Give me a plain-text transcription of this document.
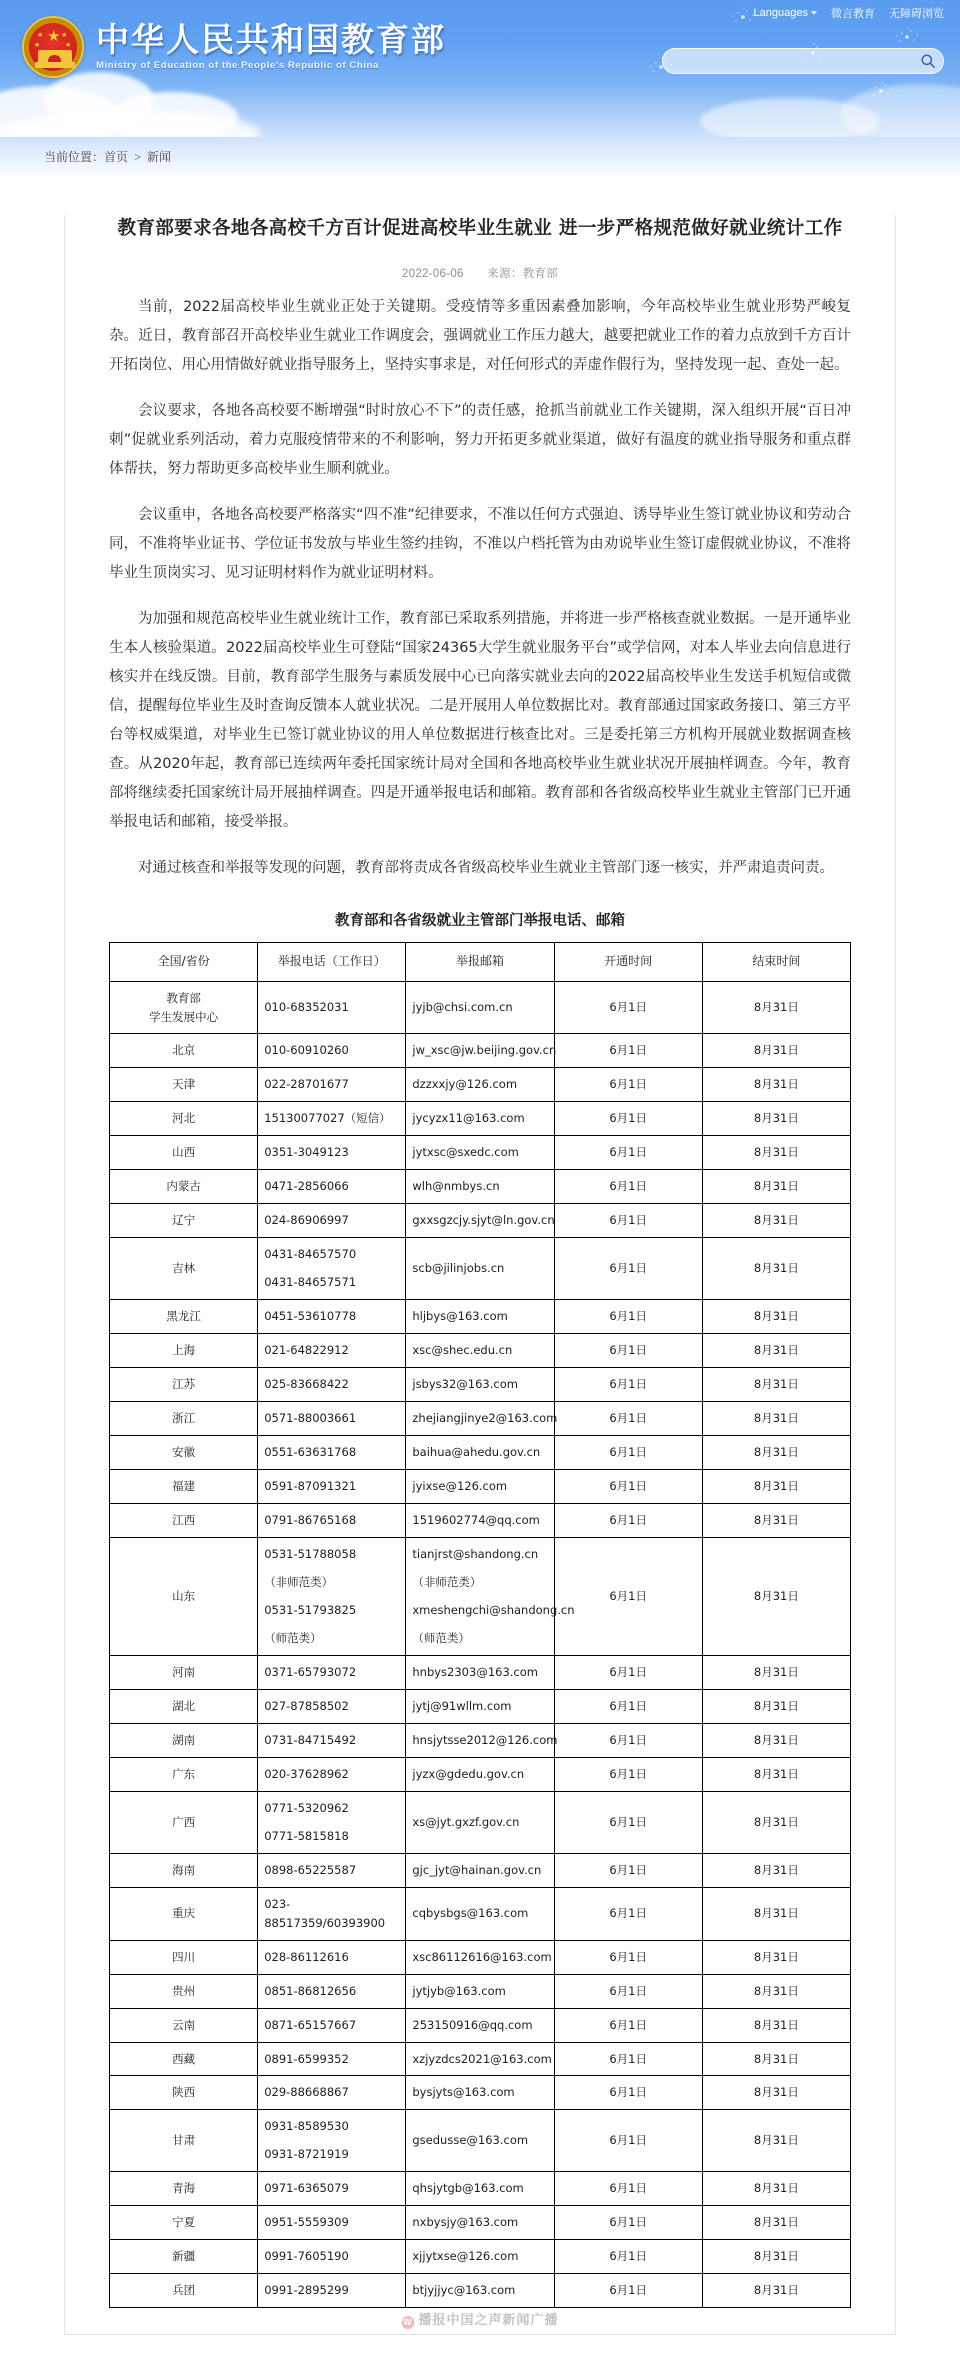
Languages	微言教育 无障碍浏览
★
★	★
★	★ 中华人民共和国教育部
Ministry of Education of the People's Republic of China
当前位置：首页 > 新闻
教育部要求各地各高校千方百计促进高校毕业生就业 进一步严格规范做好就业统计工作
2022-06-06 来源：教育部

当前，2022届高校毕业生就业正处于关键期。受疫情等多重因素叠加影响，今年高校毕业生就业形势严峻复杂。近日，教育部召开高校毕业生就业工作调度会，强调就业工作压力越大，越要把就业工作的着力点放到千方百计开拓岗位、用心用情做好就业指导服务上，坚持实事求是，对任何形式的弄虚作假行为，坚持发现一起、查处一起。

会议要求，各地各高校要不断增强“时时放心不下”的责任感，抢抓当前就业工作关键期，深入组织开展“百日冲刺”促就业系列活动，着力克服疫情带来的不利影响，努力开拓更多就业渠道，做好有温度的就业指导服务和重点群体帮扶，努力帮助更多高校毕业生顺利就业。

会议重申，各地各高校要严格落实“四不准”纪律要求，不准以任何方式强迫、诱导毕业生签订就业协议和劳动合同，不准将毕业证书、学位证书发放与毕业生签约挂钩，不准以户档托管为由劝说毕业生签订虚假就业协议，不准将毕业生顶岗实习、见习证明材料作为就业证明材料。

为加强和规范高校毕业生就业统计工作，教育部已采取系列措施，并将进一步严格核查就业数据。一是开通毕业生本人核验渠道。2022届高校毕业生可登陆“国家24365大学生就业服务平台”或学信网，对本人毕业去向信息进行核实并在线反馈。目前，教育部学生服务与素质发展中心已向落实就业去向的2022届高校毕业生发送手机短信或微信，提醒每位毕业生及时查询反馈本人就业状况。二是开展用人单位数据比对。教育部通过国家政务接口、第三方平台等权威渠道，对毕业生已签订就业协议的用人单位数据进行核查比对。三是委托第三方机构开展就业数据调查核查。从2020年起，教育部已连续两年委托国家统计局对全国和各地高校毕业生就业状况开展抽样调查。今年，教育部将继续委托国家统计局开展抽样调查。四是开通举报电话和邮箱。教育部和各省级高校毕业生就业主管部门已开通举报电话和邮箱，接受举报。

对通过核查和举报等发现的问题，教育部将责成各省级高校毕业生就业主管部门逐一核实，并严肃追责问责。

教育部和各省级就业主管部门举报电话、邮箱
全国/省份	举报电话（工作日）	举报邮箱	开通时间	结束时间

教育部
学生发展中心	010-68352031	jyjb@chsi.com.cn	6月1日	8月31日

北京	010-60910260	jw_xsc@jw.beijing.gov.cn	6月1日	8月31日

天津	022-28701677	dzzxxjy@126.com	6月1日	8月31日

河北	15130077027（短信）	jycyzx11@163.com	6月1日	8月31日

山西	0351-3049123	jytxsc@sxedc.com	6月1日	8月31日

内蒙古	0471-2856066	wlh@nmbys.cn	6月1日	8月31日

辽宁	024-86906997	gxxsgzcjy.sjyt@ln.gov.cn	6月1日	8月31日

吉林	0431-84657570
0431-84657571	scb@jilinjobs.cn	6月1日	8月31日

黑龙江	0451-53610778	hljbys@163.com	6月1日	8月31日

上海	021-64822912	xsc@shec.edu.cn	6月1日	8月31日

江苏	025-83668422	jsbys32@163.com	6月1日	8月31日

浙江	0571-88003661	zhejiangjinye2@163.com	6月1日	8月31日

安徽	0551-63631768	baihua@ahedu.gov.cn	6月1日	8月31日

福建	0591-87091321	jyixse@126.com	6月1日	8月31日

江西	0791-86765168	1519602774@qq.com	6月1日	8月31日

山东	0531-51788058
（非师范类）
0531-51793825
（师范类）	tianjrst@shandong.cn
（非师范类）
xmeshengchi@shandong.cn
（师范类）	6月1日	8月31日

河南	0371-65793072	hnbys2303@163.com	6月1日	8月31日

湖北	027-87858502	jytj@91wllm.com	6月1日	8月31日

湖南	0731-84715492	hnsjytsse2012@126.com	6月1日	8月31日

广东	020-37628962	jyzx@gdedu.gov.cn	6月1日	8月31日

广西	0771-5320962
0771-5815818	xs@jyt.gxzf.gov.cn	6月1日	8月31日

海南	0898-65225587	gjc_jyt@hainan.gov.cn	6月1日	8月31日

重庆	023-88517359/60393900	cqbysbgs@163.com	6月1日	8月31日

四川	028-86112616	xsc86112616@163.com	6月1日	8月31日

贵州	0851-86812656	jytjyb@163.com	6月1日	8月31日

云南	0871-65157667	253150916@qq.com	6月1日	8月31日

西藏	0891-6599352	xzjyzdcs2021@163.com	6月1日	8月31日

陕西	029-88668867	bysjyts@163.com	6月1日	8月31日

甘肃	0931-8589530
0931-8721919	gsedusse@163.com	6月1日	8月31日

青海	0971-6365079	qhsjytgb@163.com	6月1日	8月31日

宁夏	0951-5559309	nxbysjy@163.com	6月1日	8月31日

新疆	0991-7605190	xjjytxse@126.com	6月1日	8月31日

兵团	0991-2895299	btjyjjyc@163.com	6月1日	8月31日
W 播报中国之声新闻广播
